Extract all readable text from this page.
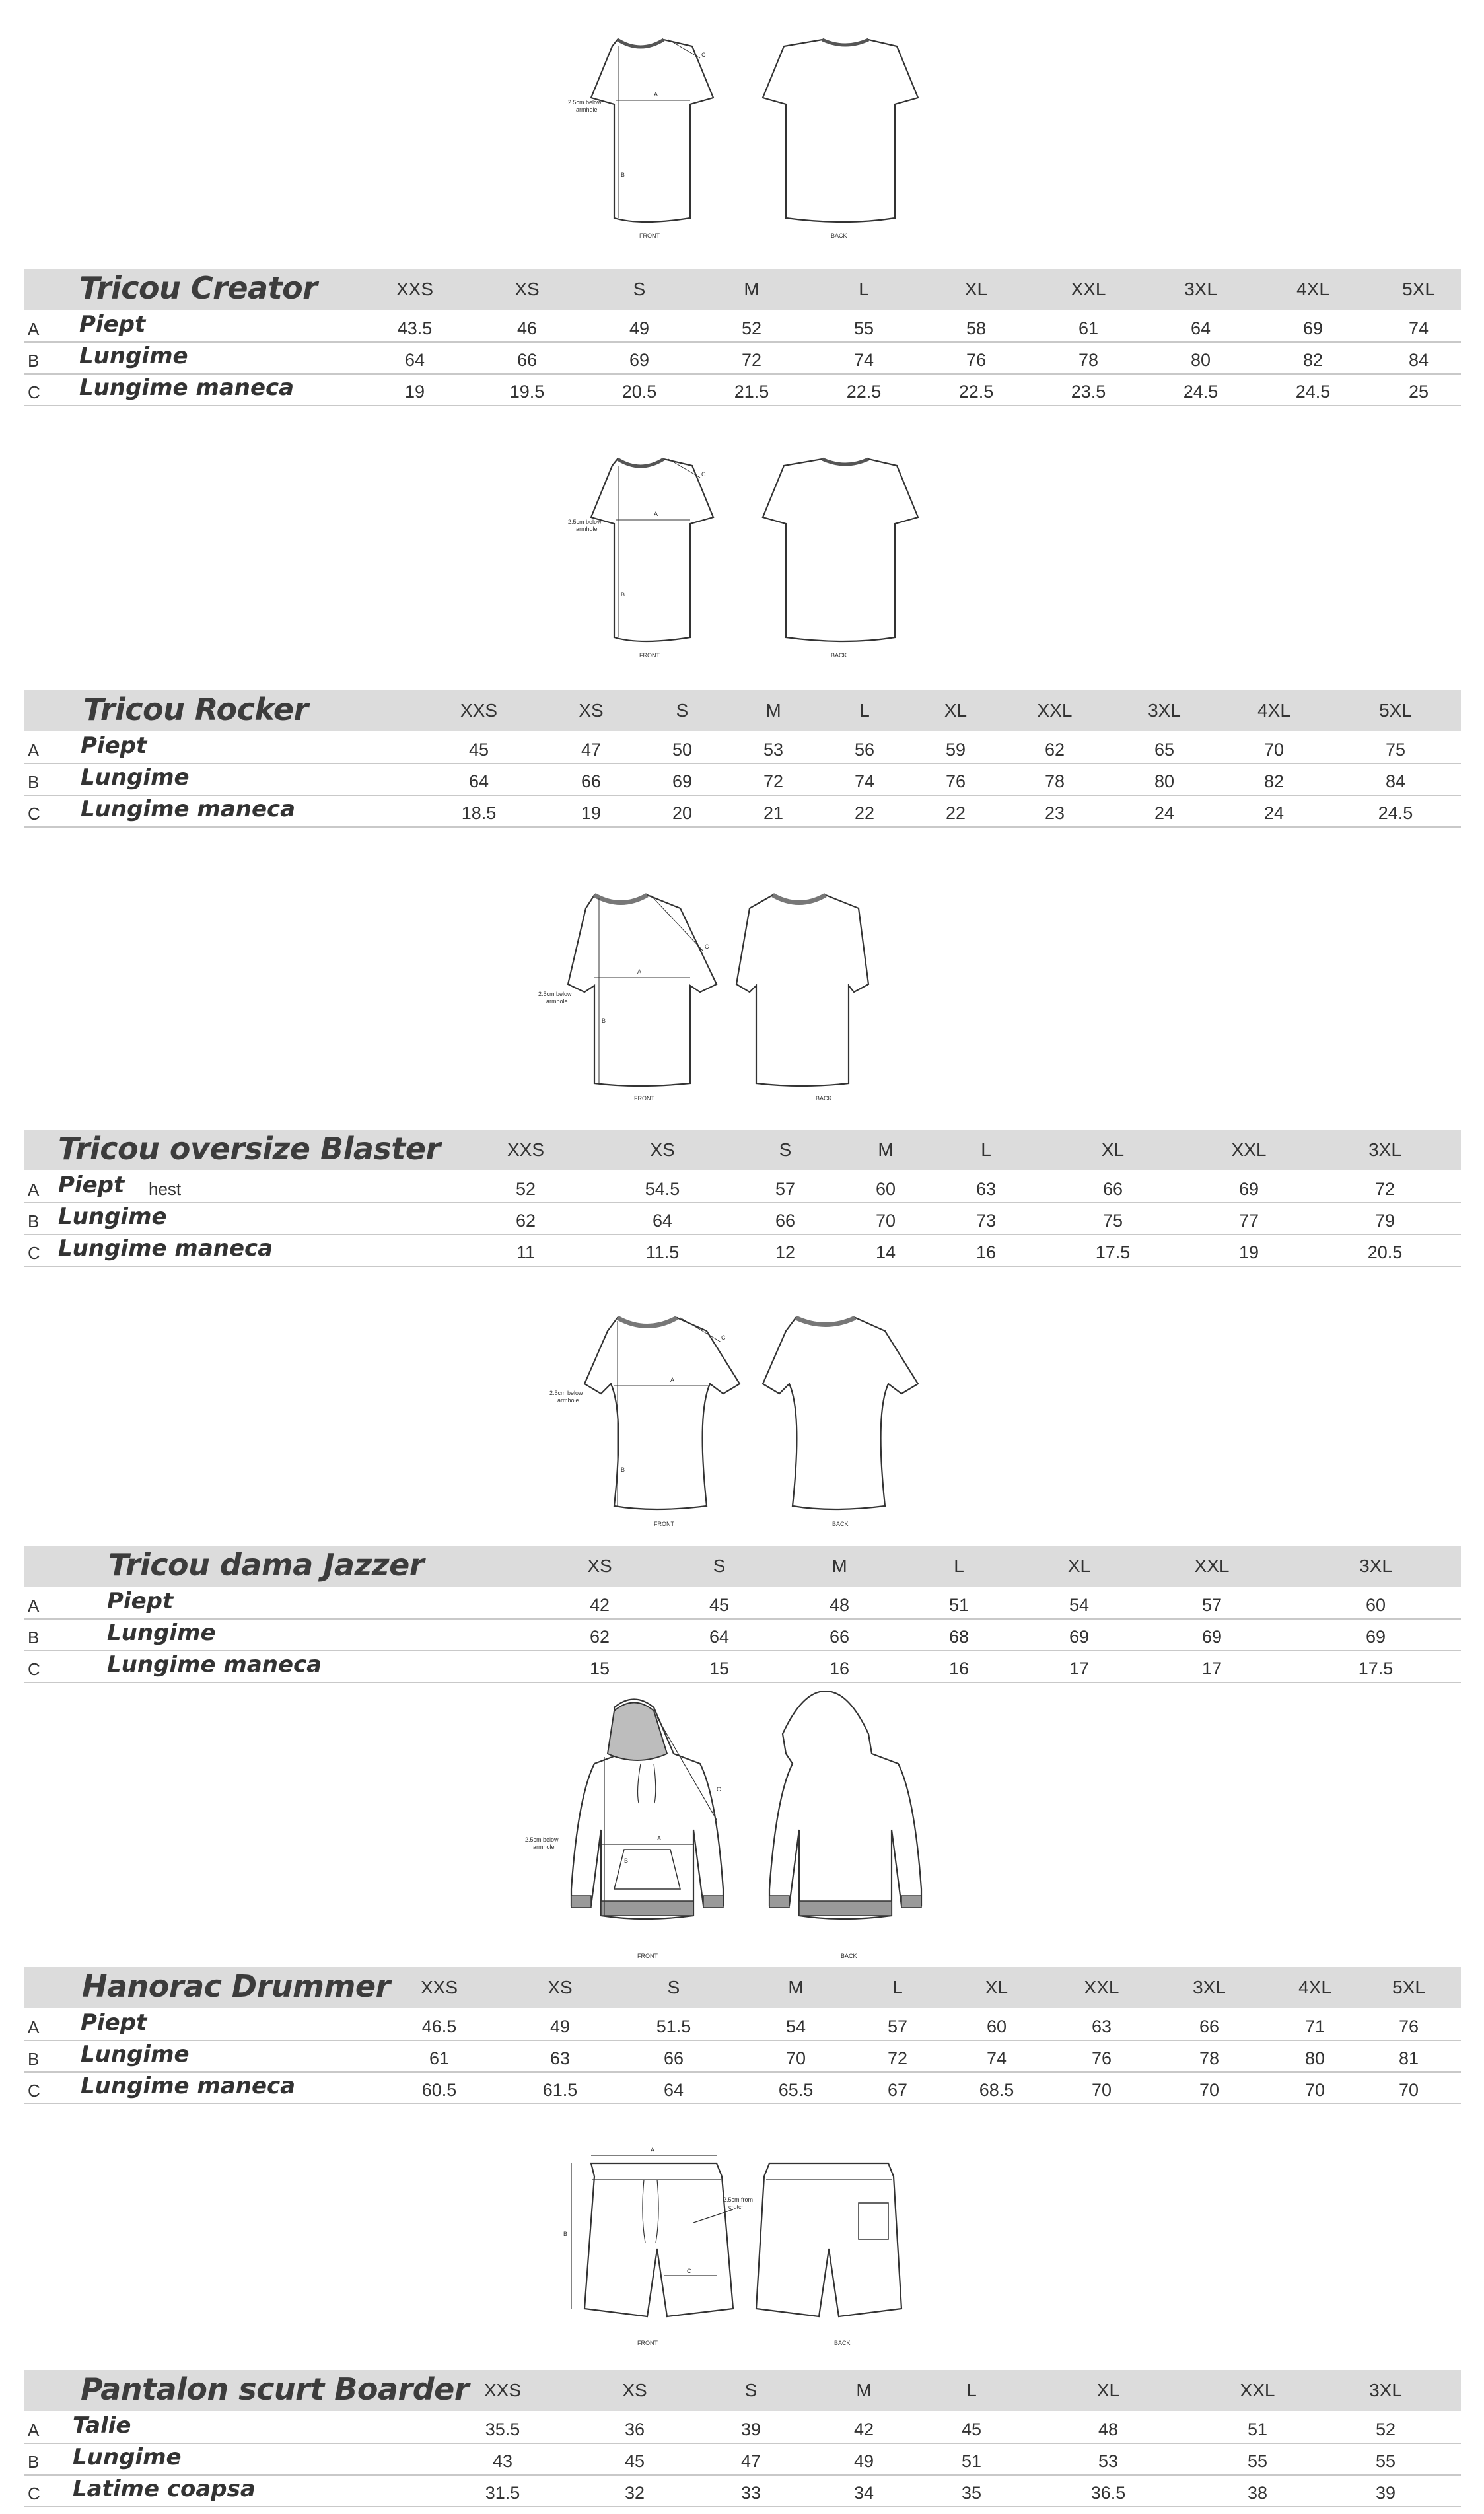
2.5cm below
armhole
A
B
C
FRONT	BACK
Tricou Creator	XXS	XS	S	M	L	XL	XXL	3XL	4XL	5XL
A Piept	43.5	46	49	52	55	58	61	64	69	74
B Lungime	64	66	69	72	74	76	78	80	82	84
C Lungime maneca	19	19.5	20.5	21.5	22.5	22.5	23.5	24.5	24.5	25
2.5cm below
armhole
A
B
C
FRONT	BACK
Tricou Rocker	XXS	XS	S	M	L	XL	XXL	3XL	4XL	5XL
A Piept	45	47	50	53	56	59	62	65	70	75
B Lungime	64	66	69	72	74	76	78	80	82	84
C Lungime maneca	18.5	19	20	21	22	22	23	24	24	24.5
2.5cm below
armhole
A
B
C
FRONT	BACK
Tricou oversize Blaster	XXS	XS	S	M	L	XL	XXL	3XL
A Piept hest	52	54.5	57	60	63	66	69	72
B Lungime	62	64	66	70	73	75	77	79
C Lungime maneca	11	11.5	12	14	16	17.5	19	20.5
2.5cm below
armhole
A
B
C
FRONT	BACK
Tricou dama Jazzer	XS	S	M	L	XL	XXL	3XL
A	Piept	42	45	48	51	54	57	60
B	Lungime	62	64	66	68	69	69	69
C	Lungime maneca	15	15	16	16	17	17	17.5
2.5cm below
armhole
A
B
C
FRONT	BACK
Hanorac Drummer XXS	XS	S	M	L	XL	XXL	3XL	4XL	5XL
A Piept	46.5	49	51.5	54	57	60	63	66	71	76
B Lungime	61	63	66	70	72	74	76	78	80	81
C Lungime maneca	60.5	61.5	64	65.5	67	68.5	70	70	70	70
A
B
C
2.5cm from
crotch
FRONT	BACK
Pantalon scurt Boarder XXS	XS	S	M	L	XL	XXL	3XL
A Talie	35.5	36	39	42	45	48	51	52
B Lungime	43	45	47	49	51	53	55	55
C Latime coapsa	31.5	32	33	34	35	36.5	38	39
